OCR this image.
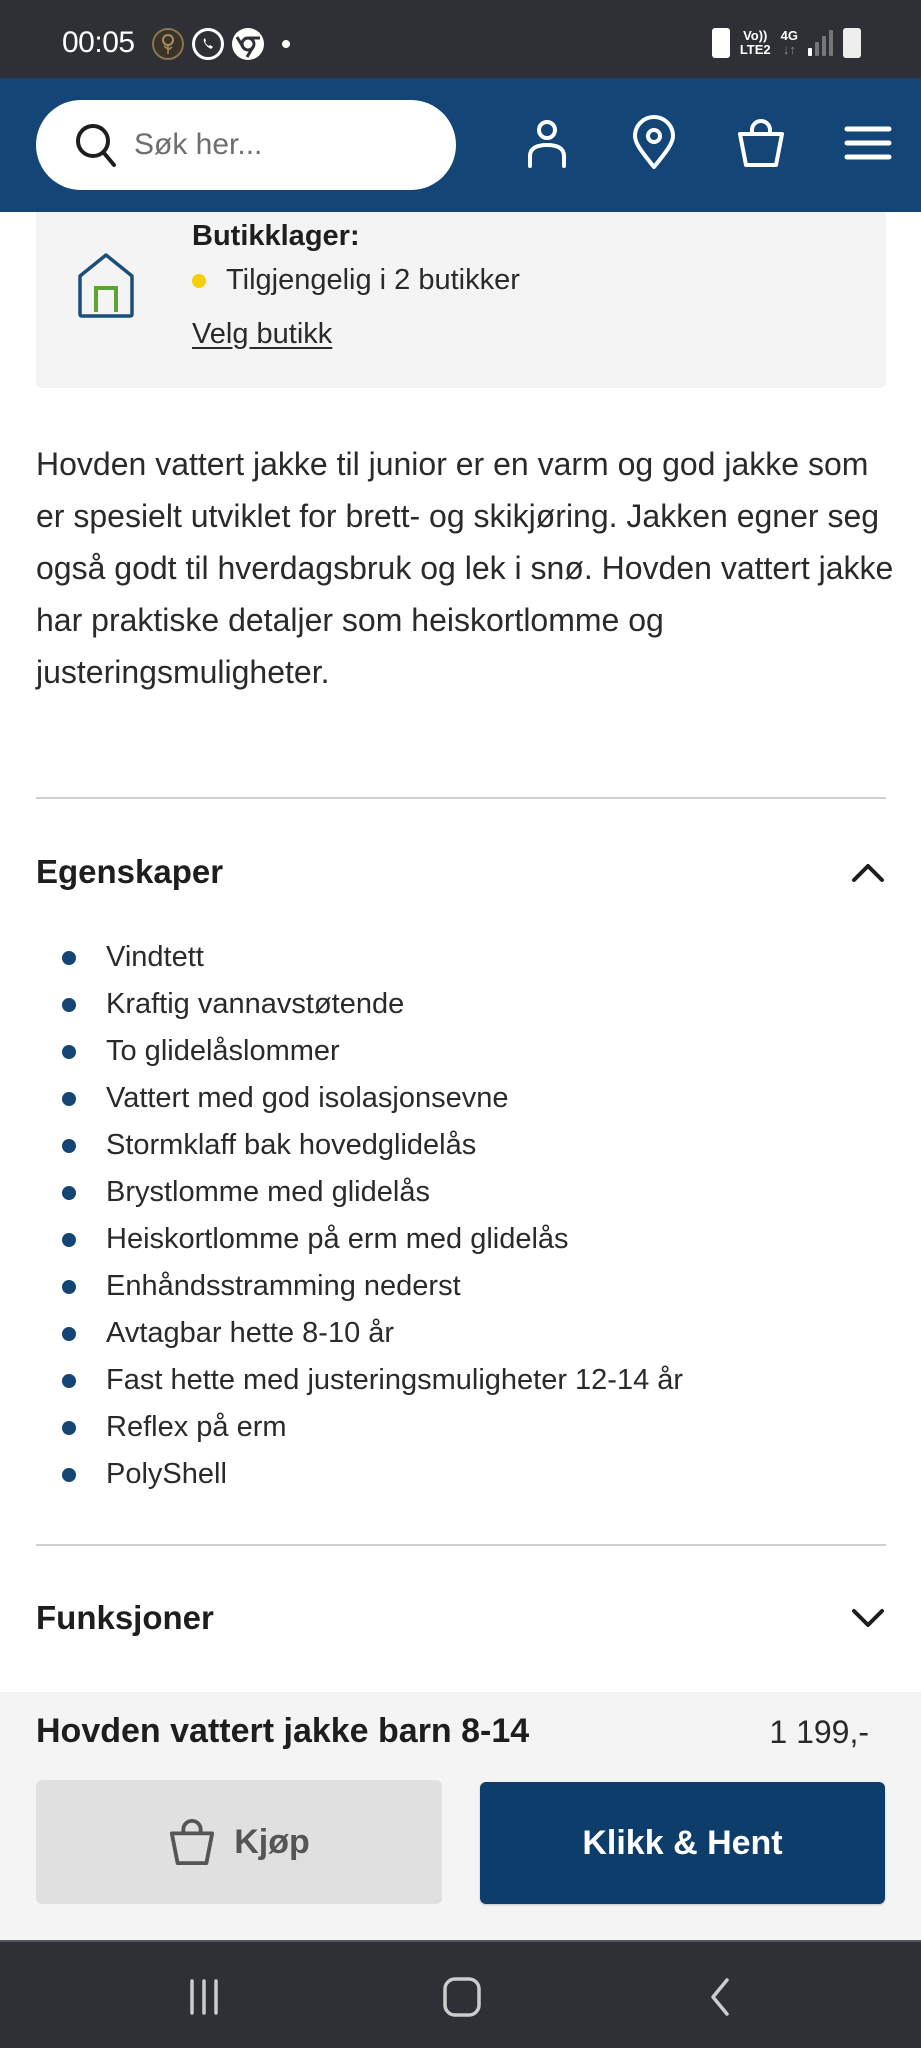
00:05	Vo))
LTE2
4G
↓↑
Søk her...
Butikklager:
Tilgjengelig i 2 butikker
Velg butikk

Hovden vattert jakke til junior er en varm og god jakke som er spesielt utviklet for brett- og skikjøring. Jakken egner seg også godt til hverdagsbruk og lek i snø. Hovden vattert jakke har praktiske detaljer som heiskortlomme og justeringsmuligheter.

Egenskaper
Vindtett
Kraftig vannavstøtende
To glidelåslommer
Vattert med god isolasjonsevne
Stormklaff bak hovedglidelås
Brystlomme med glidelås
Heiskortlomme på erm med glidelås
Enhåndsstramming nederst
Avtagbar hette 8-10 år
Fast hette med justeringsmuligheter 12-14 år
Reflex på erm
PolyShell
Funksjoner
Hovden vattert jakke barn 8-14	1 199,-
Kjøp	Klikk & Hent
